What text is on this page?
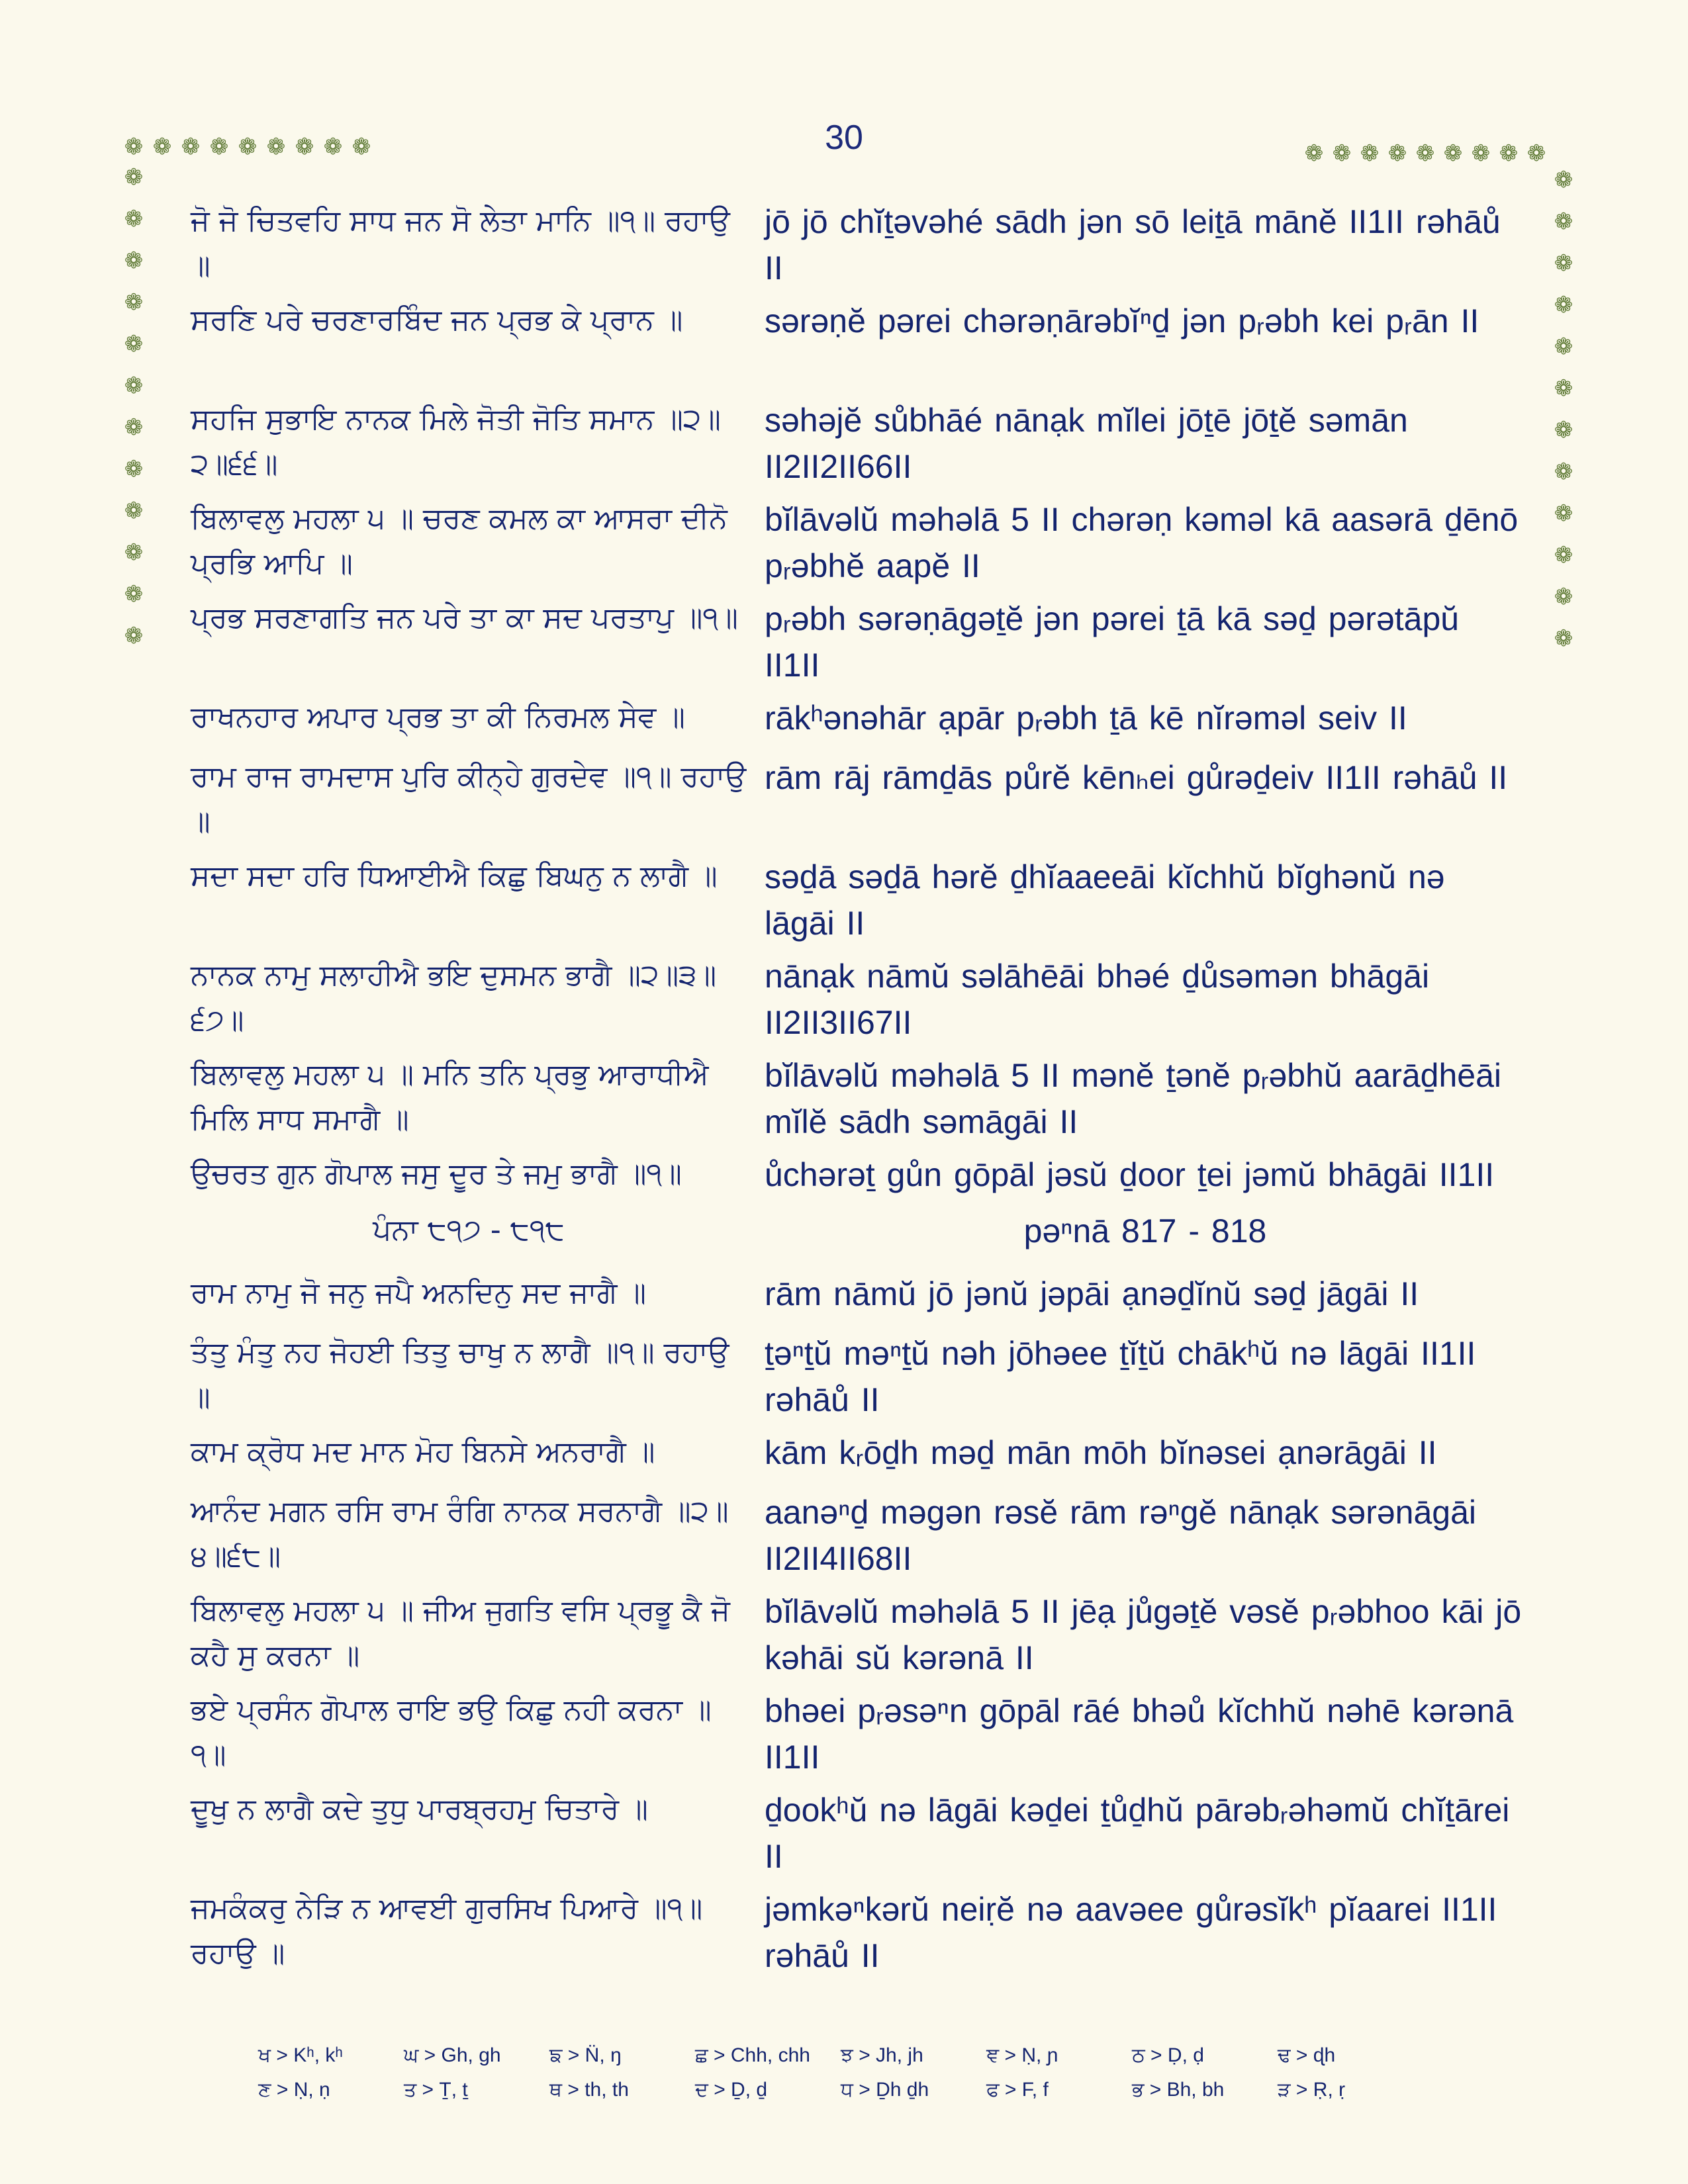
30
❁ ❁ ❁ ❁ ❁ ❁ ❁ ❁ ❁
❁
❁
❁
❁
❁
❁
❁
❁
❁
❁
❁
❁
❁ ❁ ❁ ❁ ❁ ❁ ❁ ❁ ❁
❁
❁
❁
❁
❁
❁
❁
❁
❁
❁
❁
❁
ਜੋ ਜੋ ਚਿਤਵਹਿ ਸਾਧ ਜਨ ਸੋ ਲੇਤਾ ਮਾਨਿ ॥੧॥ ਰਹਾਉ ॥
jō jō chĭṯəvəhé sādh jən sō leiṯā mānĕ II1II rəhāů II
ਸਰਣਿ ਪਰੇ ਚਰਣਾਰਬਿੰਦ ਜਨ ਪ੍ਰਭ ਕੇ ਪ੍ਰਾਨ ॥	sərəṇĕ pərei chərəṇārəbĭⁿḏ jən pᵣəbh kei pᵣān II
ਸਹਜਿ ਸੁਭਾਇ ਨਾਨਕ ਮਿਲੇ ਜੋਤੀ ਜੋਤਿ ਸਮਾਨ ॥੨॥੨॥੬੬॥
səhəjĕ sůbhāé nānạk mĭlei jōṯē jōṯĕ səmān II2II2II66II
ਬਿਲਾਵਲੁ ਮਹਲਾ ੫ ॥ ਚਰਣ ਕਮਲ ਕਾ ਆਸਰਾ ਦੀਨੋ ਪ੍ਰਭਿ ਆਪਿ ॥
bĭlāvəlŭ məhəlā 5 II chərəṇ kəməl kā aasərā ḏēnō pᵣəbhĕ aapĕ II
ਪ੍ਰਭ ਸਰਣਾਗਤਿ ਜਨ ਪਰੇ ਤਾ ਕਾ ਸਦ ਪਰਤਾਪੁ ॥੧॥ pᵣəbh sərəṇāgəṯĕ jən pərei ṯā kā səḏ pərətāpŭ II1II
ਰਾਖਨਹਾਰ ਅਪਾਰ ਪ੍ਰਭ ਤਾ ਕੀ ਨਿਰਮਲ ਸੇਵ ॥	rākʰənəhār ạpār pᵣəbh ṯā kē nĭrəməl seiv II
ਰਾਮ ਰਾਜ ਰਾਮਦਾਸ ਪੁਰਿ ਕੀਨ੍ਹੇ ਗੁਰਦੇਵ ॥੧॥ ਰਹਾਉ ॥
rām rāj rāmḏās půrĕ kēnₕei gůrəḏeiv II1II rəhāů II
ਸਦਾ ਸਦਾ ਹਰਿ ਧਿਆਈਐ ਕਿਛੁ ਬਿਘਨੁ ਨ ਲਾਗੈ ॥	səḏā səḏā hərĕ ḏhĭaaeeāi kĭchhŭ bĭghənŭ nə lāgāi II
ਨਾਨਕ ਨਾਮੁ ਸਲਾਹੀਐ ਭਇ ਦੁਸਮਨ ਭਾਗੈ ॥੨॥੩॥੬੭॥
nānạk nāmŭ səlāhēāi bhəé ḏůsəmən bhāgāi II2II3II67II
ਬਿਲਾਵਲੁ ਮਹਲਾ ੫ ॥ ਮਨਿ ਤਨਿ ਪ੍ਰਭੁ ਆਰਾਧੀਐ ਮਿਲਿ ਸਾਧ ਸਮਾਗੈ ॥
bĭlāvəlŭ məhəlā 5 II mənĕ ṯənĕ pᵣəbhŭ aarāḏhēāi mĭlĕ sādh səmāgāi II
ਉਚਰਤ ਗੁਨ ਗੋਪਾਲ ਜਸੁ ਦੂਰ ਤੇ ਜਮੁ ਭਾਗੈ ॥੧॥	ůchərəṯ gůn gōpāl jəsŭ ḏoor ṯei jəmŭ bhāgāi II1II
ਪੰਨਾ ੮੧੭ - ੮੧੮	pəⁿnā 817 - 818
ਰਾਮ ਨਾਮੁ ਜੋ ਜਨੁ ਜਪੈ ਅਨਦਿਨੁ ਸਦ ਜਾਗੈ ॥	rām nāmŭ jō jənŭ jəpāi ạnəḏĭnŭ səḏ jāgāi II
ਤੰਤੁ ਮੰਤੁ ਨਹ ਜੋਹਈ ਤਿਤੁ ਚਾਖੁ ਨ ਲਾਗੈ ॥੧॥ ਰਹਾਉ ॥
ṯəⁿṯŭ məⁿṯŭ nəh jōhəee ṯĭṯŭ chākʰŭ nə lāgāi II1II rəhāů II
ਕਾਮ ਕ੍ਰੋਧ ਮਦ ਮਾਨ ਮੋਹ ਬਿਨਸੇ ਅਨਰਾਗੈ ॥	kām kᵣōḏh məḏ mān mōh bĭnəsei ạnərāgāi II
ਆਨੰਦ ਮਗਨ ਰਸਿ ਰਾਮ ਰੰਗਿ ਨਾਨਕ ਸਰਨਾਗੈ ॥੨॥੪॥੬੮॥
aanəⁿḏ məgən rəsĕ rām rəⁿgĕ nānạk sərənāgāi II2II4II68II
ਬਿਲਾਵਲੁ ਮਹਲਾ ੫ ॥ ਜੀਅ ਜੁਗਤਿ ਵਸਿ ਪ੍ਰਭੂ ਕੈ ਜੋ ਕਹੈ ਸੁ ਕਰਨਾ ॥
bĭlāvəlŭ məhəlā 5 II jēạ jůgəṯĕ vəsĕ pᵣəbhoo kāi jō kəhāi sŭ kərənā II
ਭਏ ਪ੍ਰਸੰਨ ਗੋਪਾਲ ਰਾਇ ਭਉ ਕਿਛੁ ਨਹੀ ਕਰਨਾ ॥੧॥
bhəei pᵣəsəⁿn gōpāl rāé bhəů kĭchhŭ nəhē kərənā II1II
ਦੂਖੁ ਨ ਲਾਗੈ ਕਦੇ ਤੁਧੁ ਪਾਰਬ੍ਰਹਮੁ ਚਿਤਾਰੇ ॥	ḏookʰŭ nə lāgāi kəḏei ṯůḏhŭ pārəbᵣəhəmŭ chĭṯārei II
ਜਮਕੰਕਰੁ ਨੇੜਿ ਨ ਆਵਈ ਗੁਰਸਿਖ ਪਿਆਰੇ ॥੧॥ ਰਹਾਉ ॥
jəmkəⁿkərŭ neiṛĕ nə aavəee gůrəsĭkʰ pĭaarei II1II rəhāů II
ਖ > Kʰ, kʰ	ਘ > Gh, gh	ਙ > N̈, ŋ	ਛ > Chh, chh	ਝ > Jh, jh	ਞ > Ṇ, ɲ	ਠ > Ḍ, ḍ	ਢ > ɖh
ਣ > Ṇ, ṇ	ਤ > Ṯ, ṯ	ਥ > th, th	ਦ > Ḏ, ḏ	ਧ > Ḏh ḏh	ਫ > F, f	ਭ > Bh, bh	ੜ > Ṛ, ṛ
